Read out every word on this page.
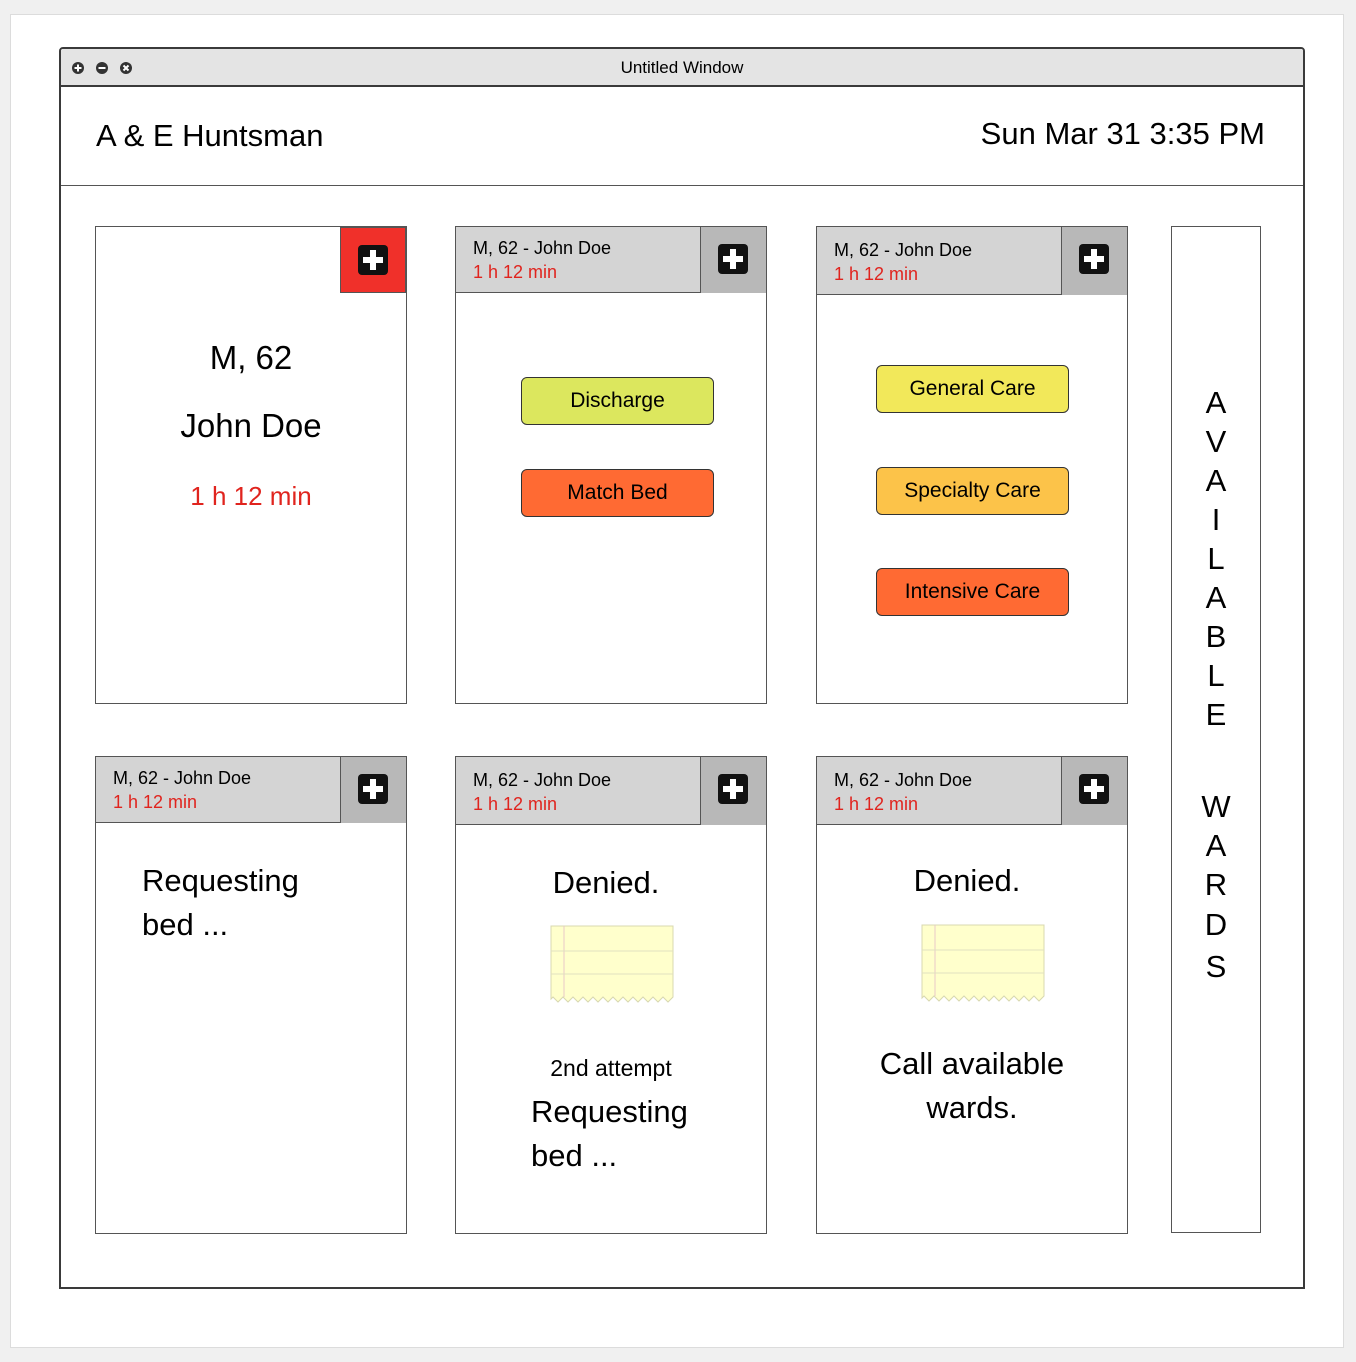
Untitled Window
A & E Huntsman	Sun Mar 31 3:35 PM
M, 62
John Doe
1 h 12 min
M, 62 - John Doe
1 h 12 min
Discharge
Match Bed
M, 62 - John Doe
1 h 12 min
General Care
Specialty Care
Intensive Care
M, 62 - John Doe
1 h 12 min
Requesting
bed ...
M, 62 - John Doe
1 h 12 min
Denied.
2nd attempt
Requesting
bed ...
M, 62 - John Doe
1 h 12 min
Denied.
Call available
wards.
A
V
A
I
L
A
B
L
E
W
A
R
D
S
